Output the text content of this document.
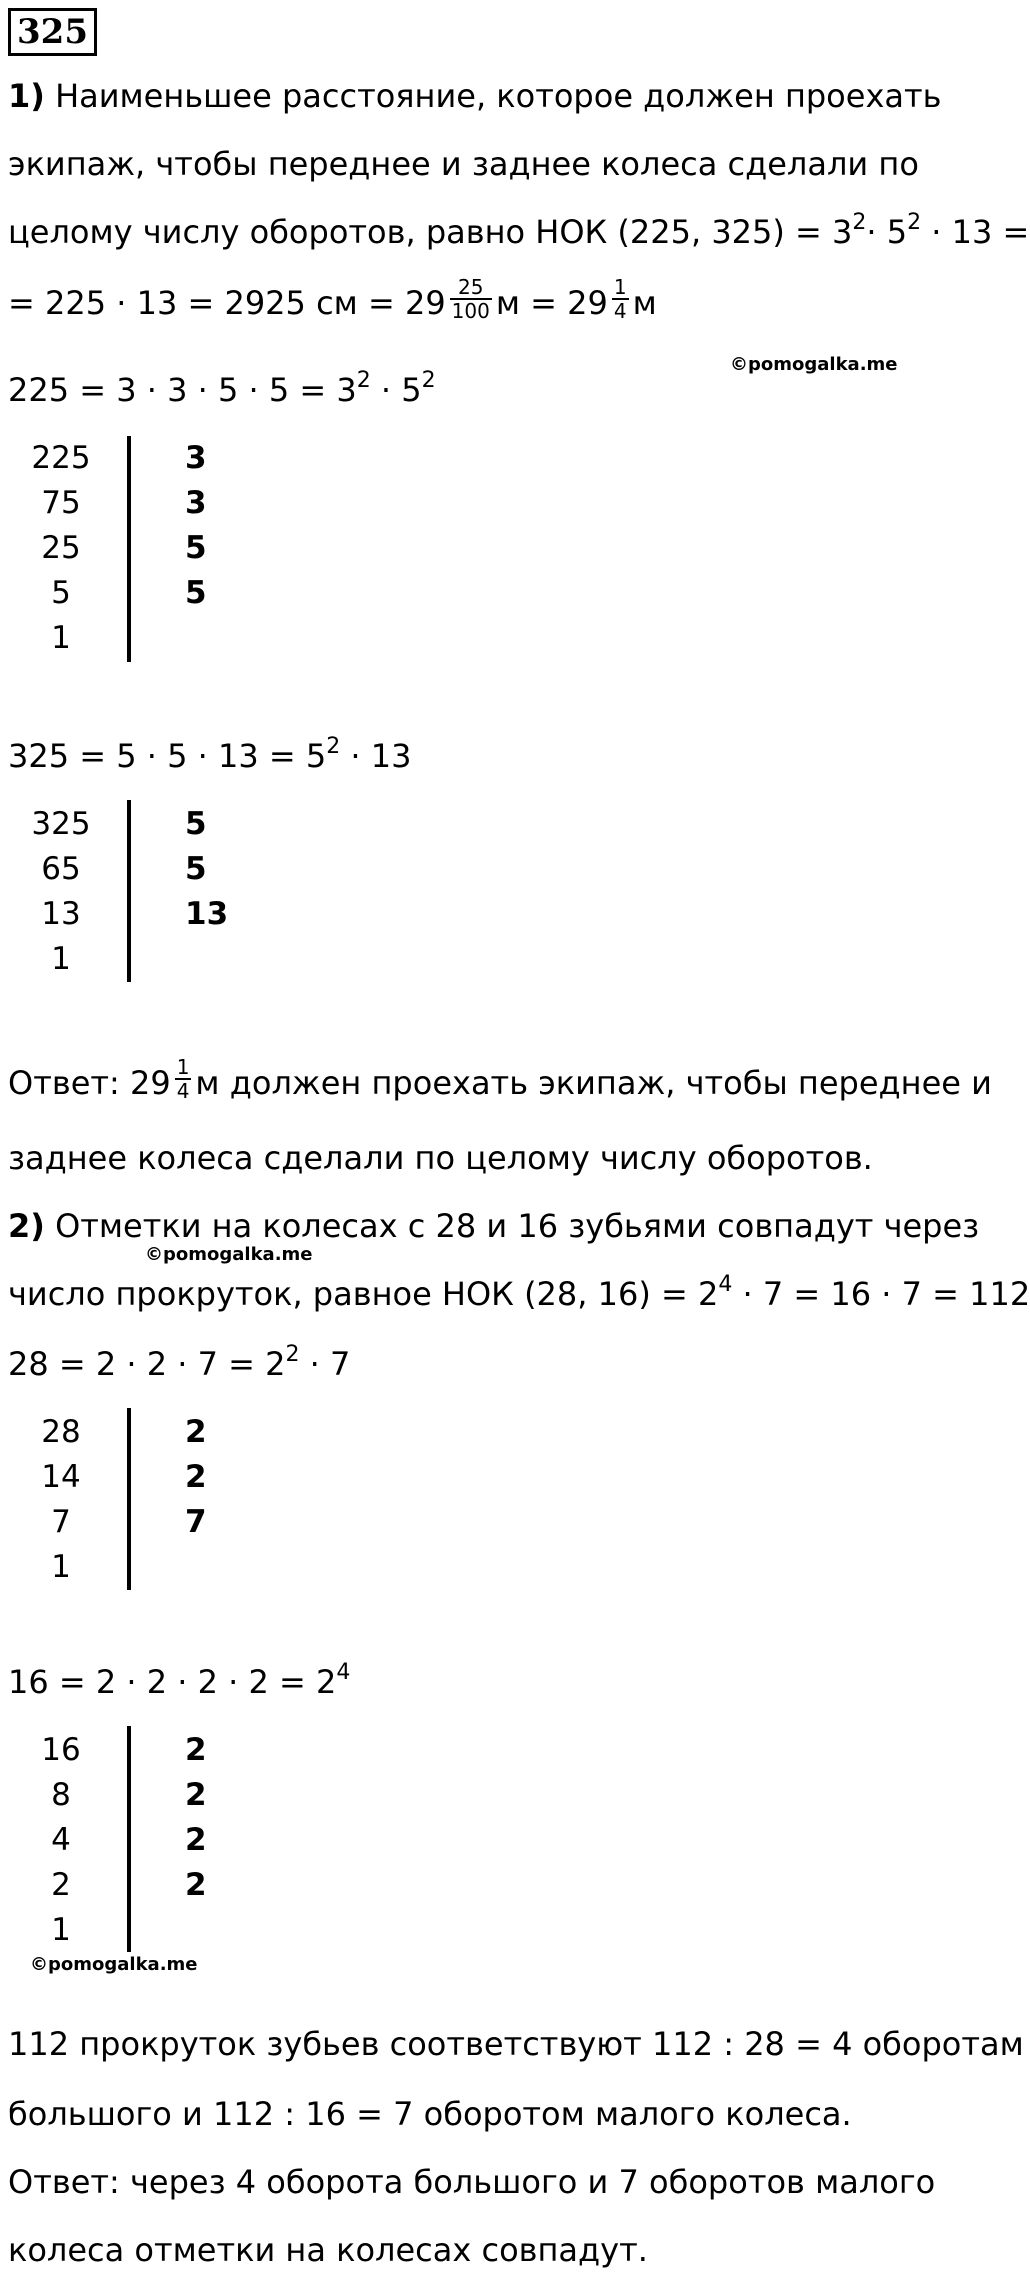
325
1) Наименьшее расстояние, которое должен проехать
экипаж, чтобы переднее и заднее колеса сделали по
целому числу оборотов, равно НОК (225, $325) = 3^2\cdot 5^2 \cdot 13$ =
= 225 · 13 = 2925 см = $29 \frac{25}{100}$ $м = 29 \frac{1}{4}$ м
©pomogalka.me
$225 = 3 \cdot 3 \cdot 5 \cdot 5 = 3^2 \cdot 5^2$
225
75
25
5
1
3
3
5
5
$325 = 5 \cdot 5 \cdot 13 = 5^2 \cdot 13$
325
65
13
1
5
5
13
Ответ: $29 \frac{1}{4}$ м должен проехать экипаж, чтобы переднее и
заднее колеса сделали по целому числу оборотов.
2) Отметки на колесах с 28 и 16 зубьями совпадут через
©pomogalka.me
число прокруток, равное НОК (28, $16) = 2^4 \cdot 7 = 16 \cdot 7 = 112$
$28 = 2 \cdot 2 \cdot 7 = 2^2 \cdot 7$
28
14
7
1
2
2
7
$16 = 2 \cdot 2 \cdot 2 \cdot 2 = 2^4$
16
8
4
2
1
2
2
2
2
©pomogalka.me
112 прокруток зубьев соответствуют 112 : 28 = 4 оборотам
большого и 112 : 16 = 7 оборотом малого колеса.
Ответ: через 4 оборота большого и 7 оборотов малого
колеса отметки на колесах совпадут.
